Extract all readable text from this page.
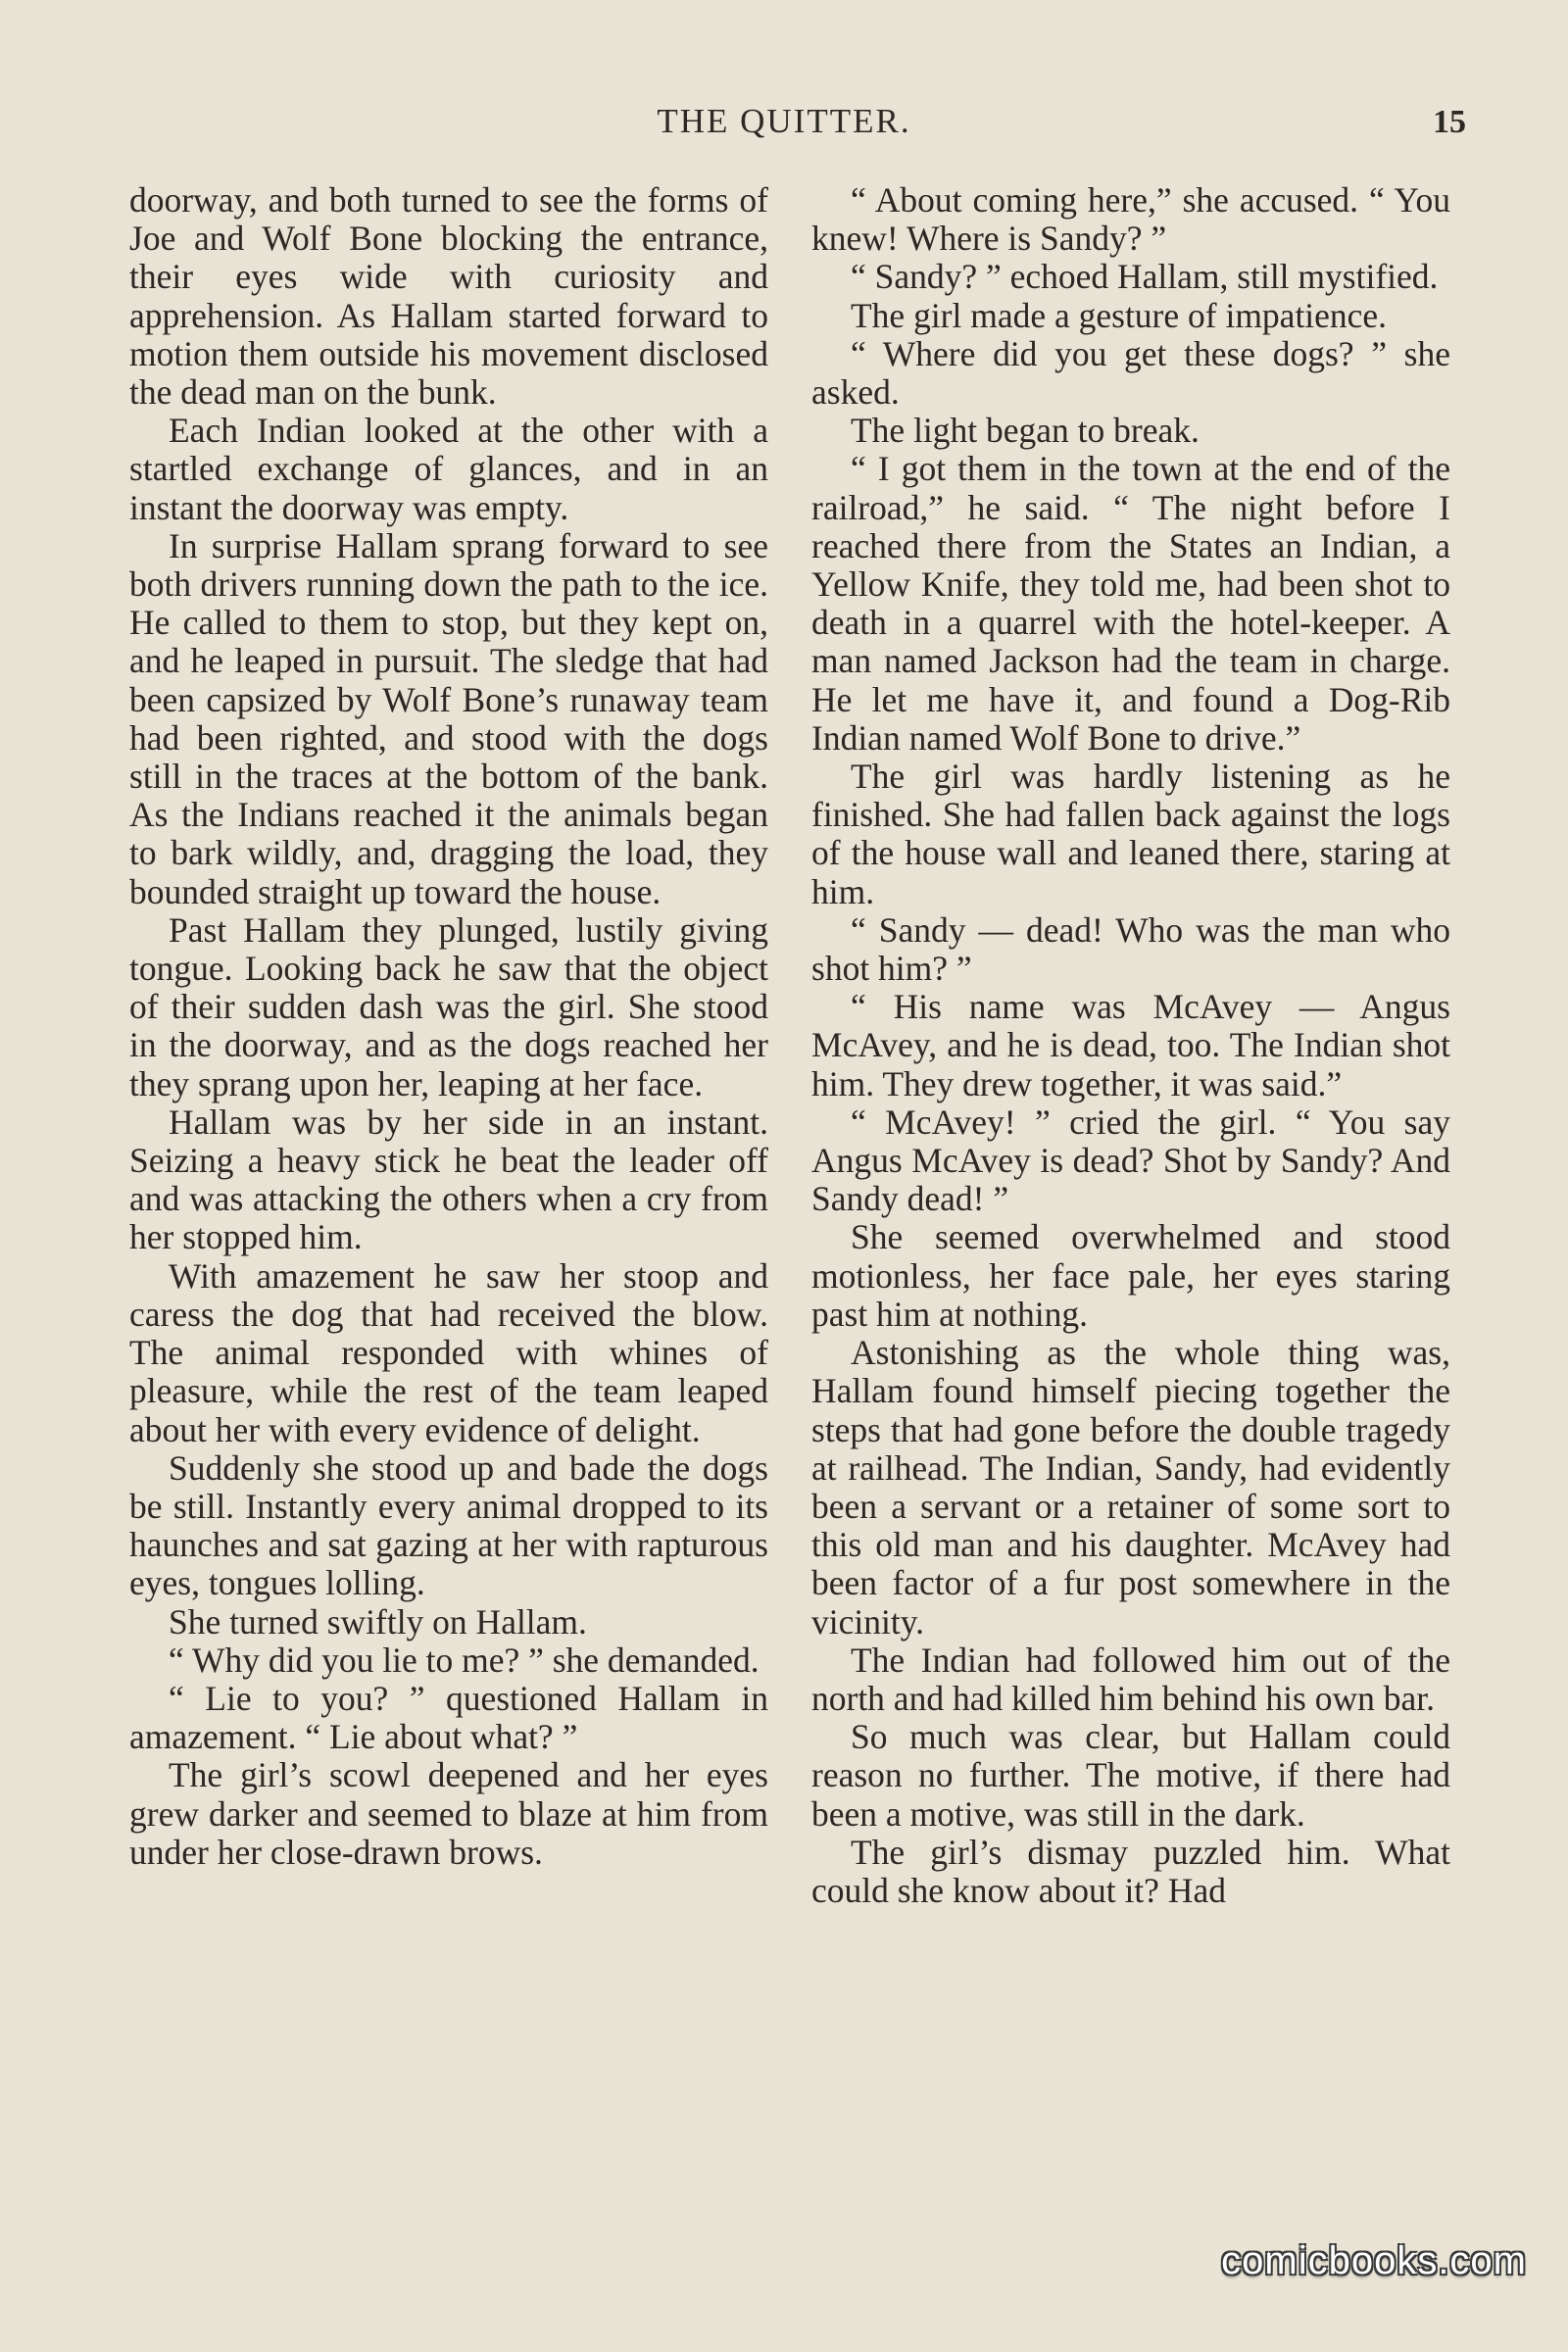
THE QUITTER.	15

doorway, and both turned to see the forms of Joe and Wolf Bone blocking the entrance, their eyes wide with curiosity and apprehension. As Hallam started forward to motion them outside his movement disclosed the dead man on the bunk.

Each Indian looked at the other with a startled exchange of glances, and in an instant the doorway was empty.

In surprise Hallam sprang forward to see both drivers running down the path to the ice. He called to them to stop, but they kept on, and he leaped in pursuit. The sledge that had been capsized by Wolf Bone’s runaway team had been righted, and stood with the dogs still in the traces at the bottom of the bank. As the Indians reached it the animals began to bark wildly, and, dragging the load, they bounded straight up toward the house.

Past Hallam they plunged, lustily giving tongue. Looking back he saw that the object of their sudden dash was the girl. She stood in the doorway, and as the dogs reached her they sprang upon her, leaping at her face.

Hallam was by her side in an instant. Seizing a heavy stick he beat the leader off and was attacking the others when a cry from her stopped him.

With amazement he saw her stoop and caress the dog that had received the blow. The animal responded with whines of pleasure, while the rest of the team leaped about her with every evidence of delight.

Suddenly she stood up and bade the dogs be still. Instantly every animal dropped to its haunches and sat gazing at her with rapturous eyes, tongues lolling.

She turned swiftly on Hallam.

“ Why did you lie to me? ” she demanded.

“ Lie to you? ” questioned Hallam in amazement. “ Lie about what? ”

The girl’s scowl deepened and her eyes grew darker and seemed to blaze at him from under her close-drawn brows.

“ About coming here,” she accused. “ You knew! Where is Sandy? ”

“ Sandy? ” echoed Hallam, still mystified.

The girl made a gesture of impatience.

“ Where did you get these dogs? ” she asked.

The light began to break.

“ I got them in the town at the end of the railroad,” he said. “ The night before I reached there from the States an Indian, a Yellow Knife, they told me, had been shot to death in a quarrel with the hotel-keeper. A man named Jackson had the team in charge. He let me have it, and found a Dog-Rib Indian named Wolf Bone to drive.”

The girl was hardly listening as he finished. She had fallen back against the logs of the house wall and leaned there, staring at him.

“ Sandy — dead! Who was the man who shot him? ”

“ His name was McAvey — Angus McAvey, and he is dead, too. The Indian shot him. They drew together, it was said.”

“ McAvey! ” cried the girl. “ You say Angus McAvey is dead? Shot by Sandy? And Sandy dead! ”

She seemed overwhelmed and stood motionless, her face pale, her eyes staring past him at nothing.

Astonishing as the whole thing was, Hallam found himself piecing together the steps that had gone before the double tragedy at railhead. The Indian, Sandy, had evidently been a servant or a retainer of some sort to this old man and his daughter. McAvey had been factor of a fur post somewhere in the vicinity.

The Indian had followed him out of the north and had killed him behind his own bar.

So much was clear, but Hallam could reason no further. The motive, if there had been a motive, was still in the dark.

The girl’s dismay puzzled him. What could she know about it? Had

comicbooks.com
